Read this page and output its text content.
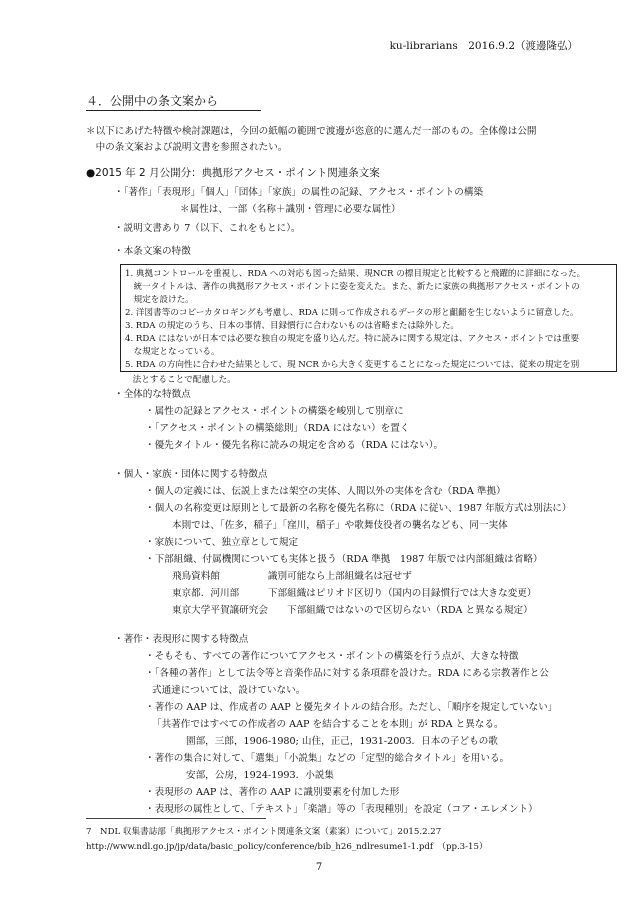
ku-librarians　2016.9.2（渡邊隆弘）
４．公開中の条文案から
＊以下にあげた特徴や検討課題は，今回の紙幅の範囲で渡邊が恣意的に選んだ一部のもの。全体像は公開
　中の条文案および説明文書を参照されたい。
●2015 年 2 月公開分：典拠形アクセス・ポイント関連条文案
・「著作」「表現形」「個人」「団体」「家族」の属性の記録、アクセス・ポイントの構築
＊属性は、一部（名称＋識別・管理に必要な属性）
・説明文書あり 7（以下、これをもとに）。
・本条文案の特徴
1. 典拠コントロールを重視し、RDA への対応も図った結果、現NCR の標目規定と比較すると飛躍的に詳細になった。
　統一タイトルは、著作の典拠形アクセス・ポイントに姿を変えた。また、新たに家族の典拠形アクセス・ポイントの
　規定を設けた。
2. 洋図書等のコピーカタロギングも考慮し、RDA に則って作成されるデータの形と齟齬を生じないように留意した。
3. RDA の規定のうち、日本の事情、目録慣行に合わないものは省略または除外した。
4. RDA にはないが日本では必要な独自の規定を盛り込んだ。特に読みに関する規定は、アクセス・ポイントでは重要
　な規定となっている。
5. RDA の方向性に合わせた結果として、現 NCR から大きく変更することになった規定については、従来の規定を別
　法とすることで配慮した。
・全体的な特徴点
・属性の記録とアクセス・ポイントの構築を峻別して別章に
・「アクセス・ポイントの構築総則」（RDA にはない）を置く
・優先タイトル・優先名称に読みの規定を含める（RDA にはない）。
・個人・家族・団体に関する特徴点
・個人の定義には、伝説上または架空の実体、人間以外の実体を含む（RDA 準拠）
・個人の名称変更は原則として最新の名称を優先名称に（RDA に従い、1987 年版方式は別法に）
本則では、「佐多，稲子」「窪川，稲子」や歌舞伎役者の襲名なども、同一実体
・家族について、独立章として規定
・下部組織、付属機関についても実体と扱う（RDA 準拠　1987 年版では内部組織は省略）
飛鳥資料館　　　　　識別可能なら上部組織名は冠せず
東京都．河川部　　　下部組織はピリオド区切り（国内の目録慣行では大きな変更）
東京大学平賀譲研究会　　下部組織ではないので区切らない（RDA と異なる規定）
・著作・表現形に関する特徴点
・そもそも、すべての著作についてアクセス・ポイントの構築を行う点が、大きな特徴
・「各種の著作」として法令等と音楽作品に対する条項群を設けた。RDA にある宗教著作と公
式通達については、設けていない。
・著作の AAP は、作成者の AAP と優先タイトルの結合形。ただし、「順序を規定していない」
「共著作ではすべての作成者の AAP を結合することを本則」が RDA と異なる。
園部，三郎，1906-1980; 山住，正己，1931-2003．日本の子どもの歌
・著作の集合に対して、「選集」「小説集」などの「定型的総合タイトル」を用いる。
安部，公房，1924-1993．小説集
・表現形の AAP は、著作の AAP に識別要素を付加した形
・表現形の属性として、「テキスト」「楽譜」等の「表現種別」を設定（コア・エレメント）
7　NDL 収集書誌部「典拠形アクセス・ポイント関連条文案（素案）について」2015.2.27
http://www.ndl.go.jp/jp/data/basic_policy/conference/bib_h26_ndlresume1-1.pdf　（pp.3-15）
7
